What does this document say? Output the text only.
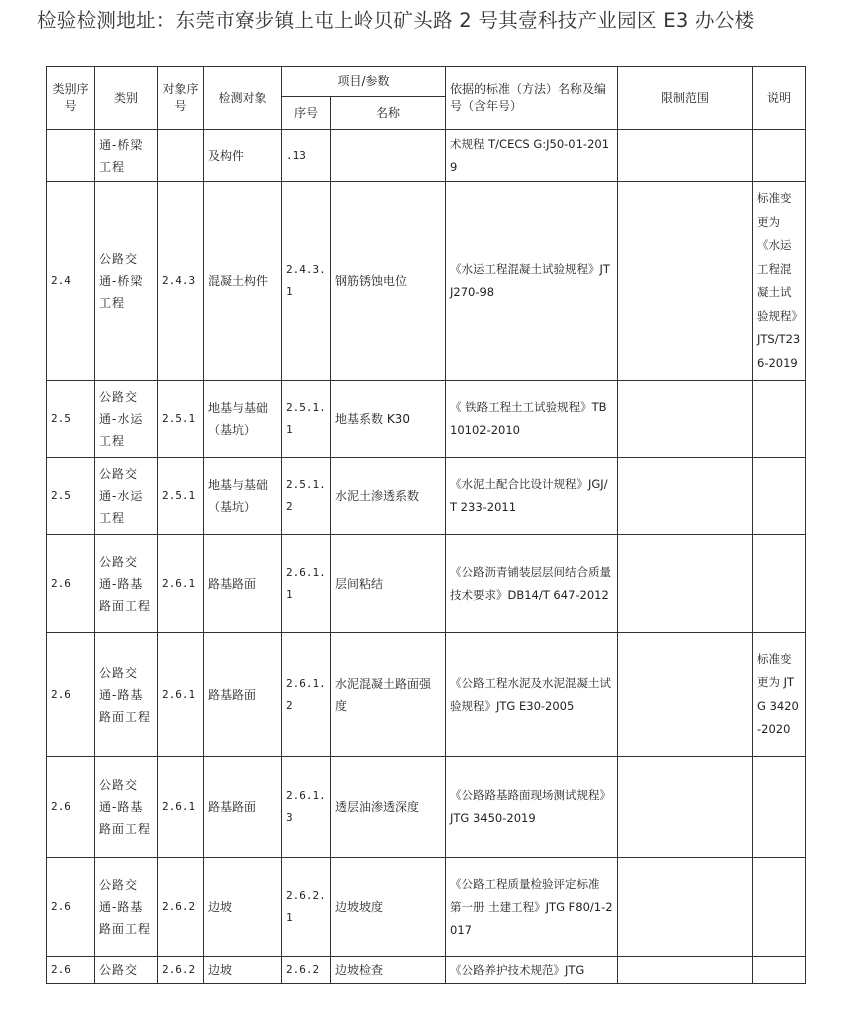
检验检测地址：东莞市寮步镇上屯上岭贝矿头路 2 号其壹科技产业园区 E3 办公楼
类别序号	类别	对象序号	检测对象	项目/参数		依据的标准（方法）名称及编号（含年号）	限制范围	说明
				序号	名称			
	通-桥梁工程		及构件	.13		术规程 T/CECS G:J50-01-2019		
2.4	公路交通-桥梁工程	2.4.3	混凝土构件	2.4.3.1	钢筋锈蚀电位	《水运工程混凝土试验规程》JTJ270-98		标准变更为《水运工程混凝土试验规程》JTS/T236-2019
2.5	公路交通-水运工程	2.5.1	地基与基础（基坑）	2.5.1.1	地基系数 K30	《 铁路工程土工试验规程》TB 10102-2010		
2.5	公路交通-水运工程	2.5.1	地基与基础（基坑）	2.5.1.2	水泥土渗透系数	《水泥土配合比设计规程》JGJ/T 233-2011		
2.6	公路交通-路基路面工程	2.6.1	路基路面	2.6.1.1	层间粘结	《公路沥青铺装层层间结合质量技术要求》DB14/T 647-2012		
2.6	公路交通-路基路面工程	2.6.1	路基路面	2.6.1.2	水泥混凝土路面强度	《公路工程水泥及水泥混凝土试验规程》JTG E30-2005		标准变更为 JTG 3420-2020
2.6	公路交通-路基路面工程	2.6.1	路基路面	2.6.1.3	透层油渗透深度	《公路路基路面现场测试规程》JTG 3450-2019		
2.6	公路交通-路基路面工程	2.6.2	边坡	2.6.2.1	边坡坡度	《公路工程质量检验评定标准 第一册 土建工程》JTG F80/1-2017		
2.6	公路交	2.6.2	边坡	2.6.2	边坡检查	《公路养护技术规范》JTG		
